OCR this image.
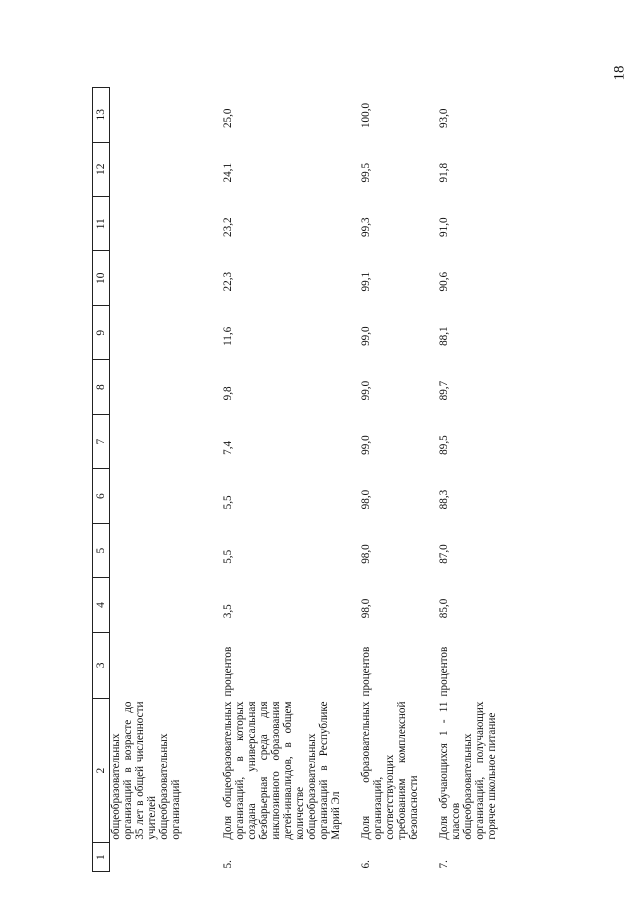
18
1	2	3	4	5	6	7	8	9	10	11	12	13
	общеобразовательных организаций в возрасте до 35 лет в общей численности учителей общеобразовательных организаций											
5.	Доля общеобразовательных организаций, в которых создана универсальная безбарьерная среда для инклюзивного образования детей-инвалидов, в общем количестве общеобразовательных организаций в Республике Марий Эл	процентов	3,5	5,5	5,5	7,4	9,8	11,6	22,3	23,2	24,1	25,0
6.	Доля образовательных организаций, соответствующих требованиям комплексной безопасности	процентов	98,0	98,0	98,0	99,0	99,0	99,0	99,1	99,3	99,5	100,0
7.	Доля обучающихся 1 - 11 классов общеобразовательных организаций, получающих горячее школьное питание	процентов	85,0	87,0	88,3	89,5	89,7	88,1	90,6	91,0	91,8	93,0
